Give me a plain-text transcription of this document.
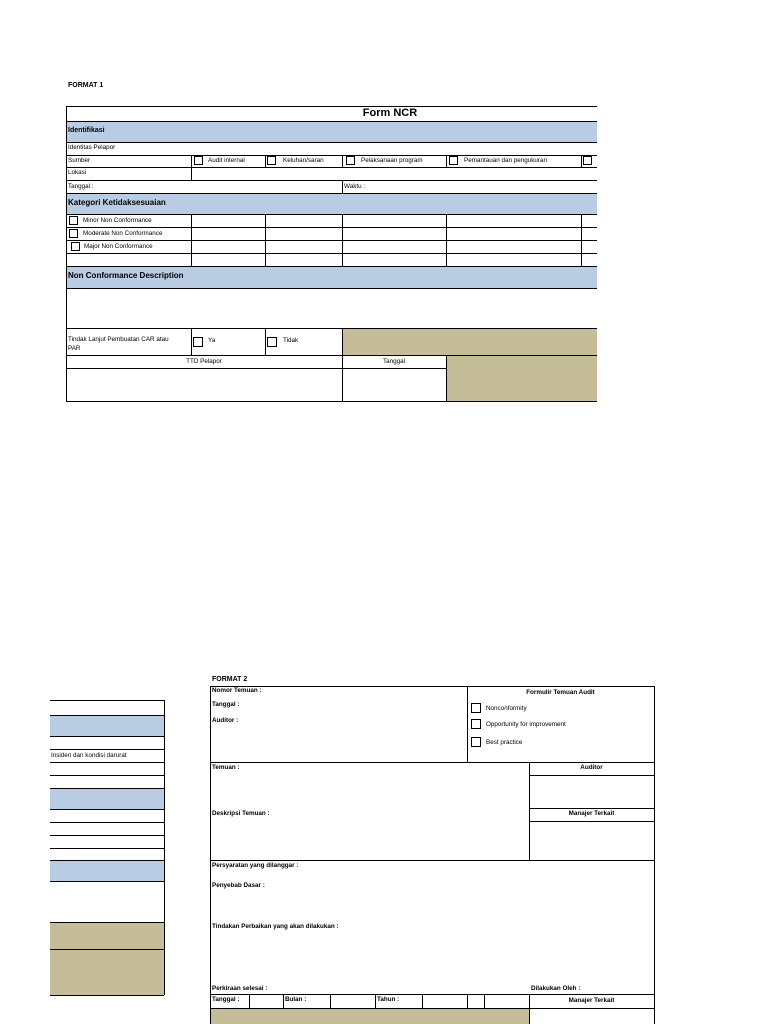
FORMAT 1
Form NCR
Identifikasi
Identitas Pelapor
Sumber	Audit internal	Keluhan/saran	Pelaksanaan program	Pemantauan dan pengukuran
Lokasi
Tanggal :	Waktu :
Kategori Ketidaksesuaian
Minor Non Conformance
Moderate Non Conformance
Major Non Conformance
Non Conformance Description
Tindak Lanjut Pembuatan CAR atau
PAR
Ya	Tidak
TTD Pelapor	Tanggal
Insiden dan kondisi darurat
FORMAT 2
Nomor Temuan :
Tanggal :
Auditor :
Formulir Temuan Audit
Nonconformity
Opportunity for improvement
Best practice
Temuan :	Auditor
Manajer Terkait
Deskripsi Temuan :
Persyaratan yang dilanggar :
Penyebab Dasar :
Tindakan Perbaikan yang akan dilakukan :
Perkiraan selesai :	Dilakukan Oleh :
Tanggal :	Bulan :	Tahun :	Manajer Terkait
